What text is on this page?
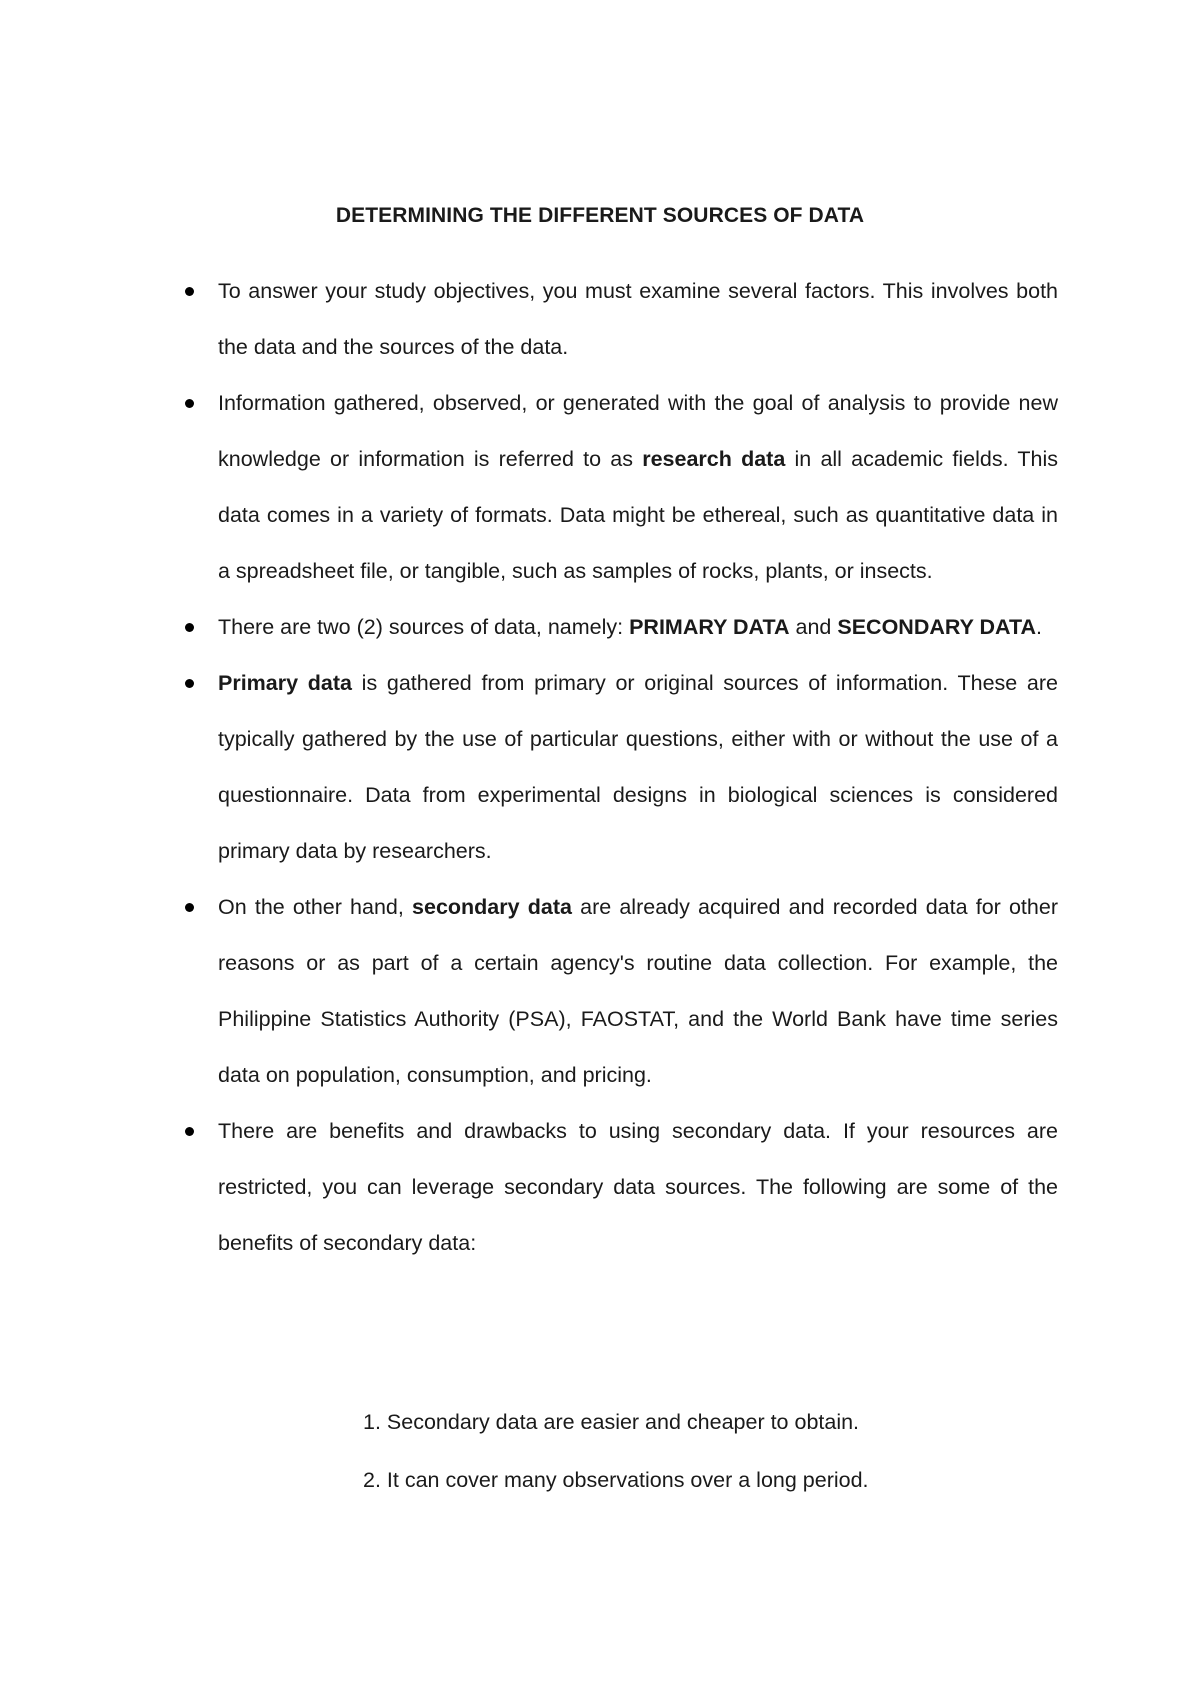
DETERMINING THE DIFFERENT SOURCES OF DATA
To answer your study objectives, you must examine several factors. This involves both the data and the sources of the data.
Information gathered, observed, or generated with the goal of analysis to provide new knowledge or information is referred to as research data in all academic fields. This data comes in a variety of formats. Data might be ethereal, such as quantitative data in a spreadsheet file, or tangible, such as samples of rocks, plants, or insects.
There are two (2) sources of data, namely: PRIMARY DATA and SECONDARY DATA.
Primary data is gathered from primary or original sources of information. These are typically gathered by the use of particular questions, either with or without the use of a questionnaire. Data from experimental designs in biological sciences is considered primary data by researchers.
On the other hand, secondary data are already acquired and recorded data for other reasons or as part of a certain agency's routine data collection. For example, the Philippine Statistics Authority (PSA), FAOSTAT, and the World Bank have time series data on population, consumption, and pricing.
There are benefits and drawbacks to using secondary data. If your resources are restricted, you can leverage secondary data sources. The following are some of the benefits of secondary data:
1. Secondary data are easier and cheaper to obtain.
2. It can cover many observations over a long period.
